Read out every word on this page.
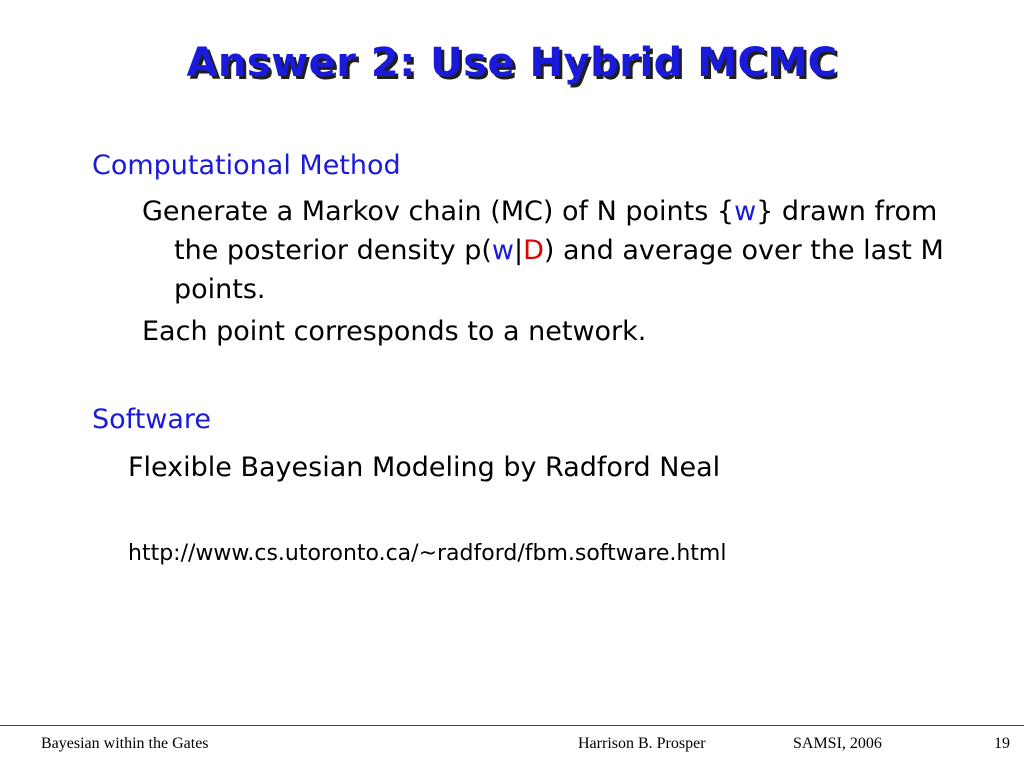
Answer 2: Use Hybrid MCMC
Computational Method
Generate a Markov chain (MC) of N points {w} drawn from the posterior density p(w|D) and average over the last M points.
Each point corresponds to a network.
Software
Flexible Bayesian Modeling by Radford Neal
http://www.cs.utoronto.ca/~radford/fbm.software.html
Bayesian within the Gates	Harrison B. Prosper	SAMSI, 2006	19
